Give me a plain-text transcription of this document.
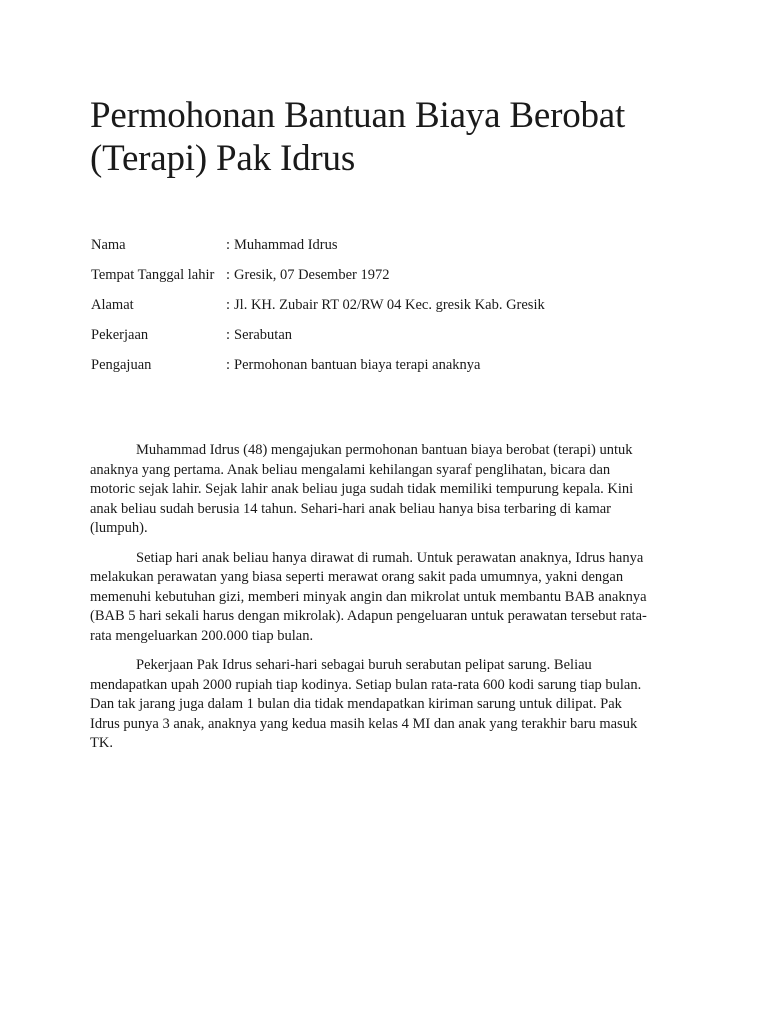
Permohonan Bantuan Biaya Berobat
(Terapi) Pak Idrus
Nama	: Muhammad Idrus
Tempat Tanggal lahir : Gresik, 07 Desember 1972
Alamat	: Jl. KH. Zubair RT 02/RW 04 Kec. gresik Kab. Gresik
Pekerjaan	: Serabutan
Pengajuan	: Permohonan bantuan biaya terapi anaknya

Muhammad Idrus (48) mengajukan permohonan bantuan biaya berobat (terapi) untuk anaknya yang pertama. Anak beliau mengalami kehilangan syaraf penglihatan, bicara dan motoric sejak lahir. Sejak lahir anak beliau juga sudah tidak memiliki tempurung kepala. Kini anak beliau sudah berusia 14 tahun. Sehari-hari anak beliau hanya bisa terbaring di kamar (lumpuh).

Setiap hari anak beliau hanya dirawat di rumah. Untuk perawatan anaknya, Idrus hanya melakukan perawatan yang biasa seperti merawat orang sakit pada umumnya, yakni dengan memenuhi kebutuhan gizi, memberi minyak angin dan mikrolat untuk membantu BAB anaknya (BAB 5 hari sekali harus dengan mikrolak). Adapun pengeluaran untuk perawatan tersebut rata-rata mengeluarkan 200.000 tiap bulan.

Pekerjaan Pak Idrus sehari-hari sebagai buruh serabutan pelipat sarung. Beliau mendapatkan upah 2000 rupiah tiap kodinya. Setiap bulan rata-rata 600 kodi sarung tiap bulan. Dan tak jarang juga dalam 1 bulan dia tidak mendapatkan kiriman sarung untuk dilipat. Pak Idrus punya 3 anak, anaknya yang kedua masih kelas 4 MI dan anak yang terakhir baru masuk TK.
